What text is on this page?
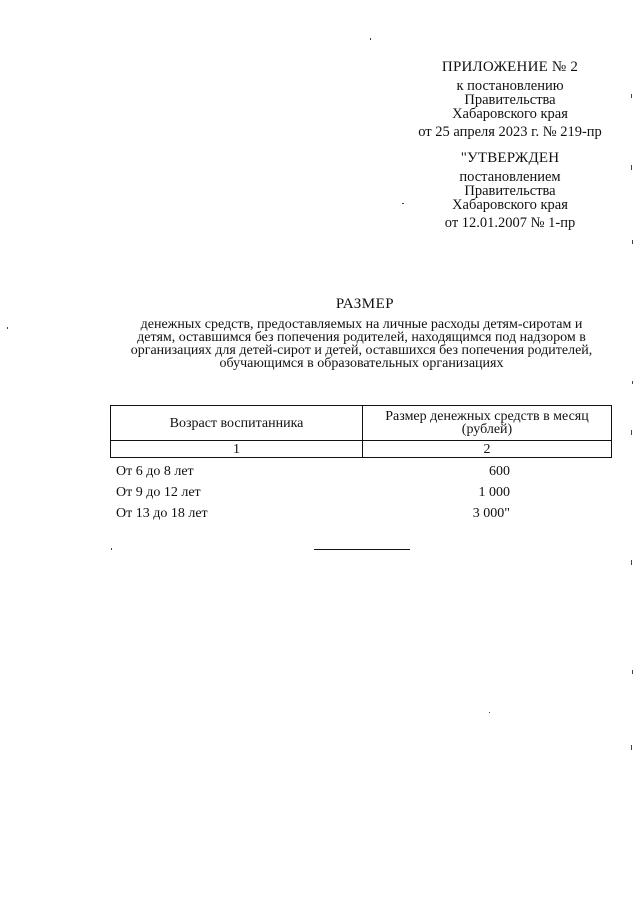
ПРИЛОЖЕНИЕ № 2
к постановлению
Правительства
Хабаровского края
от 25 апреля 2023 г. № 219-пр
"УТВЕРЖДЕН
постановлением
Правительства
Хабаровского края
от 12.01.2007 № 1-пр
РАЗМЕР
денежных средств, предоставляемых на личные расходы детям-сиротам и
детям, оставшимся без попечения родителей, находящимся под надзором в
организациях для детей-сирот и детей, оставшихся без попечения родителей,
обучающимся в образовательных организациях
Возраст воспитанника	Размер денежных средств в месяц
(рублей)

1	2
От 6 до 8 лет	600
От 9 до 12 лет	1 000
От 13 до 18 лет	3 000"
